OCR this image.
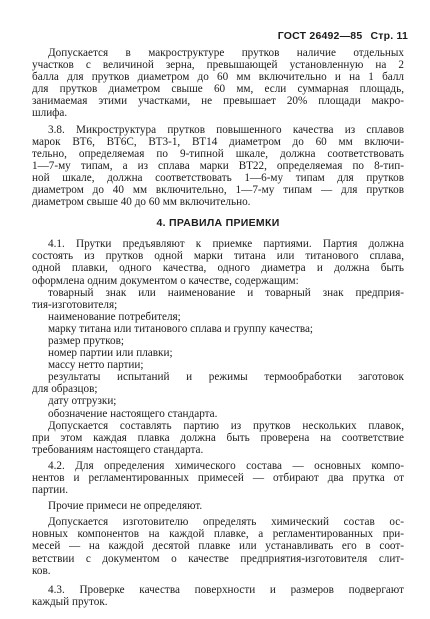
ГОСТ 26492—85 Стр. 11
Допускается в макроструктуре прутков наличие отдельных
участков с величиной зерна, превышающей установленную на 2
балла для прутков диаметром до 60 мм включительно и на 1 балл
для прутков диаметром свыше 60 мм, если суммарная площадь,
занимаемая этими участками, не превышает 20% площади макро-
шлифа.
3.8. Микроструктура прутков повышенного качества из сплавов
марок ВТ6, ВТ6С, ВТ3-1, ВТ14 диаметром до 60 мм включи-
тельно, определяемая по 9-типной шкале, должна соответствовать
1—7-му типам, а из сплава марки ВТ22, определяемая по 8-тип-
ной шкале, должна соответствовать 1—6-му типам для прутков
диаметром до 40 мм включительно, 1—7-му типам — для прутков
диаметром свыше 40 до 60 мм включительно.
4. ПРАВИЛА ПРИЕМКИ
4.1. Прутки предъявляют к приемке партиями. Партия должна
состоять из прутков одной марки титана или титанового сплава,
одной плавки, одного качества, одного диаметра и должна быть
оформлена одним документом о качестве, содержащим:
товарный знак или наименование и товарный знак предприя-
тия-изготовителя;
наименование потребителя;
марку титана или титанового сплава и группу качества;
размер прутков;
номер партии или плавки;
массу нетто партии;
результаты испытаний и режимы термообработки заготовок
для образцов;
дату отгрузки;
обозначение настоящего стандарта.
Допускается составлять партию из прутков нескольких плавок,
при этом каждая плавка должна быть проверена на соответствие
требованиям настоящего стандарта.
4.2. Для определения химического состава — основных компо-
нентов и регламентированных примесей — отбирают два прутка от
партии.
Прочие примеси не определяют.
Допускается изготовителю определять химический состав ос-
новных компонентов на каждой плавке, а регламентированных при-
месей — на каждой десятой плавке или устанавливать его в соот-
ветствии с документом о качестве предприятия-изготовителя слит-
ков.
4.3. Проверке качества поверхности и размеров подвергают
каждый пруток.
